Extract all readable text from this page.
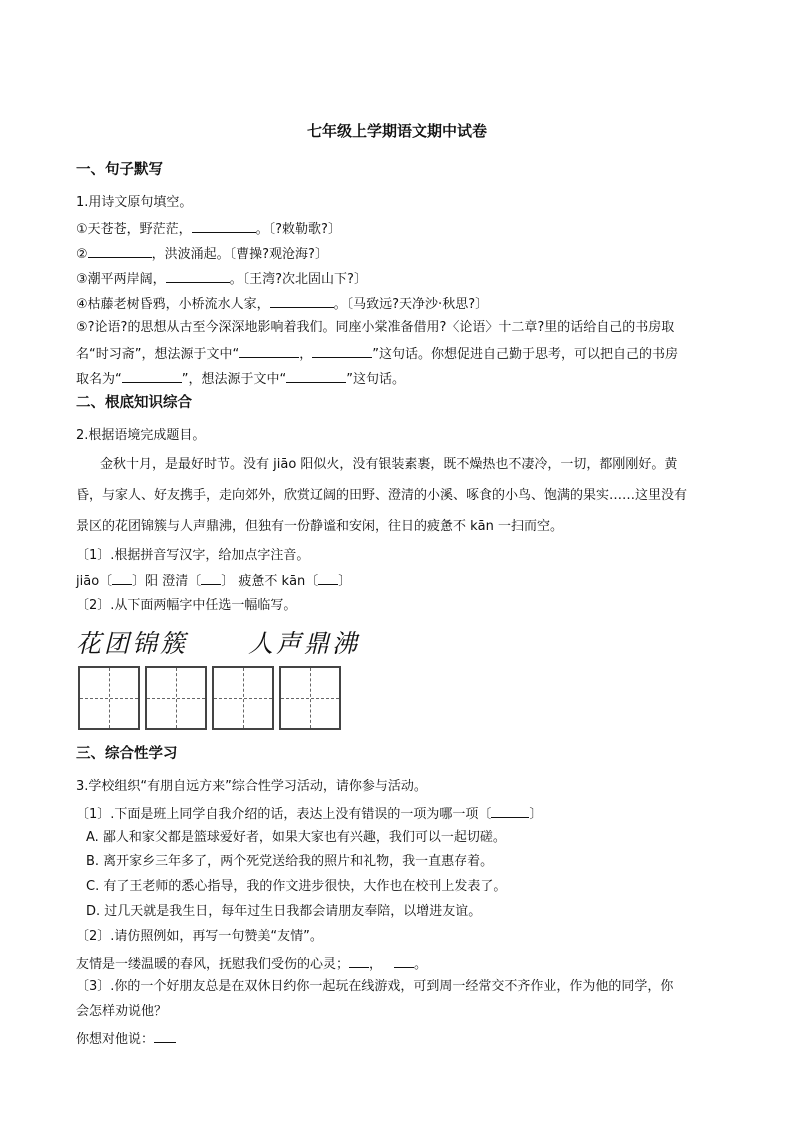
七年级上学期语文期中试卷
一、句子默写
1.用诗文原句填空。
①天苍苍，野茫茫，	。〔?敕勒歌?〕
②	，洪波涌起。〔曹操?观沧海?〕
③潮平两岸阔，	。〔王湾?次北固山下?〕
④枯藤老树昏鸦，小桥流水人家，	。〔马致远?天净沙·秋思?〕
⑤?论语?的思想从古至今深深地影响着我们。同座小棠准备借用?〈论语〉十二章?里的话给自己的书房取
名“时习斋”，想法源于文中“	，	”这句话。你想促进自己勤于思考，可以把自己的书房
取名为“	”，想法源于文中“	”这句话。
二、根底知识综合
2.根据语境完成题目。
金秋十月，是最好时节。没有 jiāo 阳似火，没有银装素裹，既不燥热也不凄冷，一切，都刚刚好。黄
昏，与家人、好友携手，走向郊外，欣赏辽阔的田野、澄清的小溪、啄食的小鸟、饱满的果实……这里没有
景区的花团锦簇与人声鼎沸，但独有一份静谧和安闲，往日的疲惫不 kān 一扫而空。
〔1〕.根据拼音写汉字，给加点字注音。
jiāo〔 〕阳 澄清〔 〕 疲惫不 kān〔 〕
〔2〕.从下面两幅字中任选一幅临写。
花团锦簇 人声鼎沸
三、综合性学习
3.学校组织“有朋自远方来”综合性学习活动，请你参与活动。
〔1〕.下面是班上同学自我介绍的话，表达上没有错误的一项为哪一项〔	〕
A. 鄙人和家父都是篮球爱好者，如果大家也有兴趣，我们可以一起切磋。
B. 离开家乡三年多了，两个死党送给我的照片和礼物，我一直惠存着。
C. 有了王老师的悉心指导，我的作文进步很快，大作也在校刊上发表了。
D. 过几天就是我生日，每年过生日我都会请朋友奉陪，以增进友谊。
〔2〕.请仿照例如，再写一句赞美“友情”。
友情是一缕温暖的春风，抚慰我们受伤的心灵； ， 。
〔3〕.你的一个好朋友总是在双休日约你一起玩在线游戏，可到周一经常交不齐作业，作为他的同学，你
会怎样劝说他？
你想对他说：
